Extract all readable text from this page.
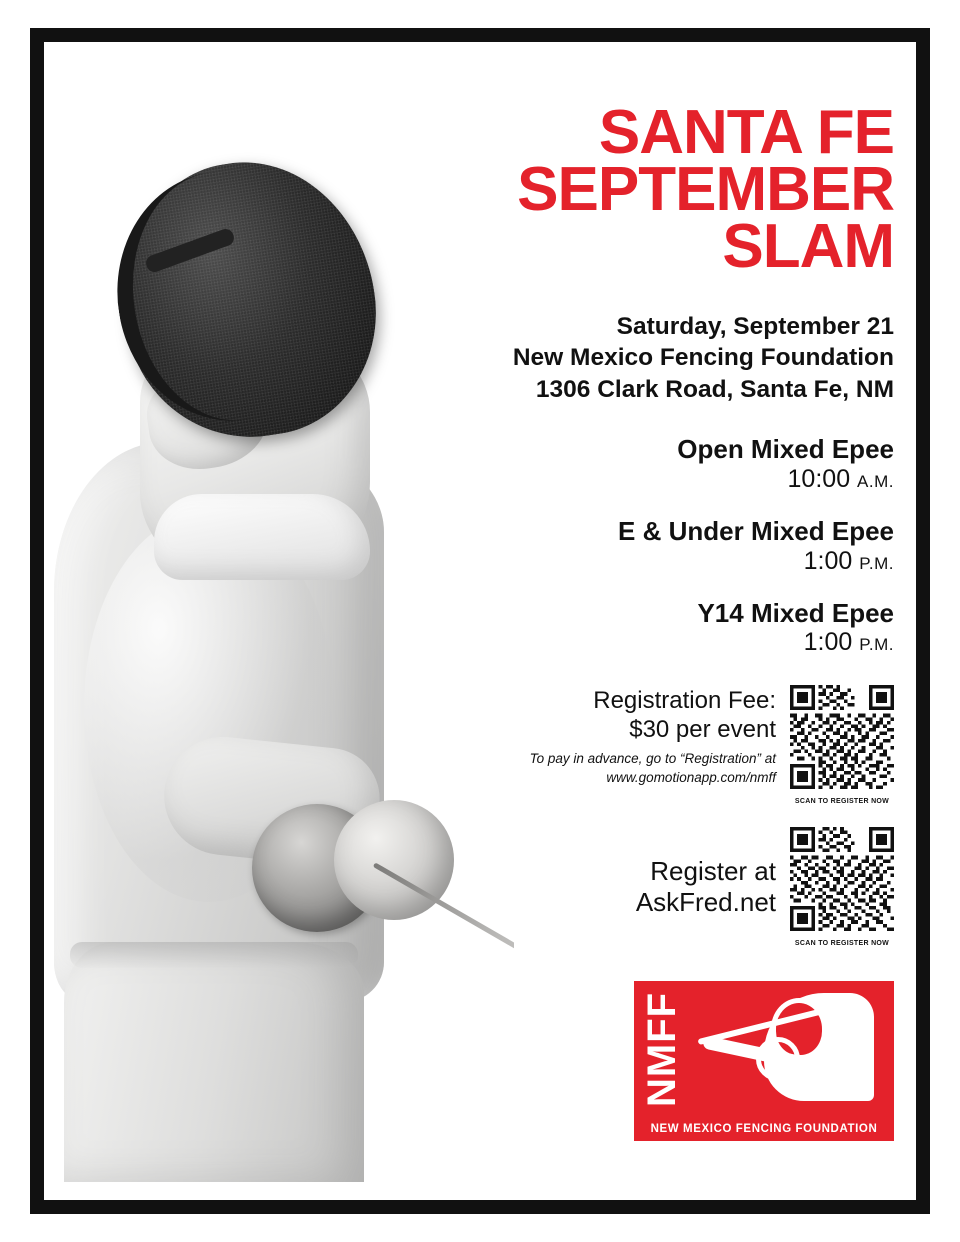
SANTA FE
SEPTEMBER
SLAM
Saturday, September 21
New Mexico Fencing Foundation
1306 Clark Road, Santa Fe, NM
Open Mixed Epee
10:00 A.M.
E & Under Mixed Epee
1:00 P.M.
Y14 Mixed Epee
1:00 P.M.
Registration Fee:
$30 per event
To pay in advance, go to “Registration” at
www.gomotionapp.com/nmff
SCAN TO REGISTER NOW
Register at
AskFred.net
SCAN TO REGISTER NOW
NMFF
NEW MEXICO FENCING FOUNDATION
